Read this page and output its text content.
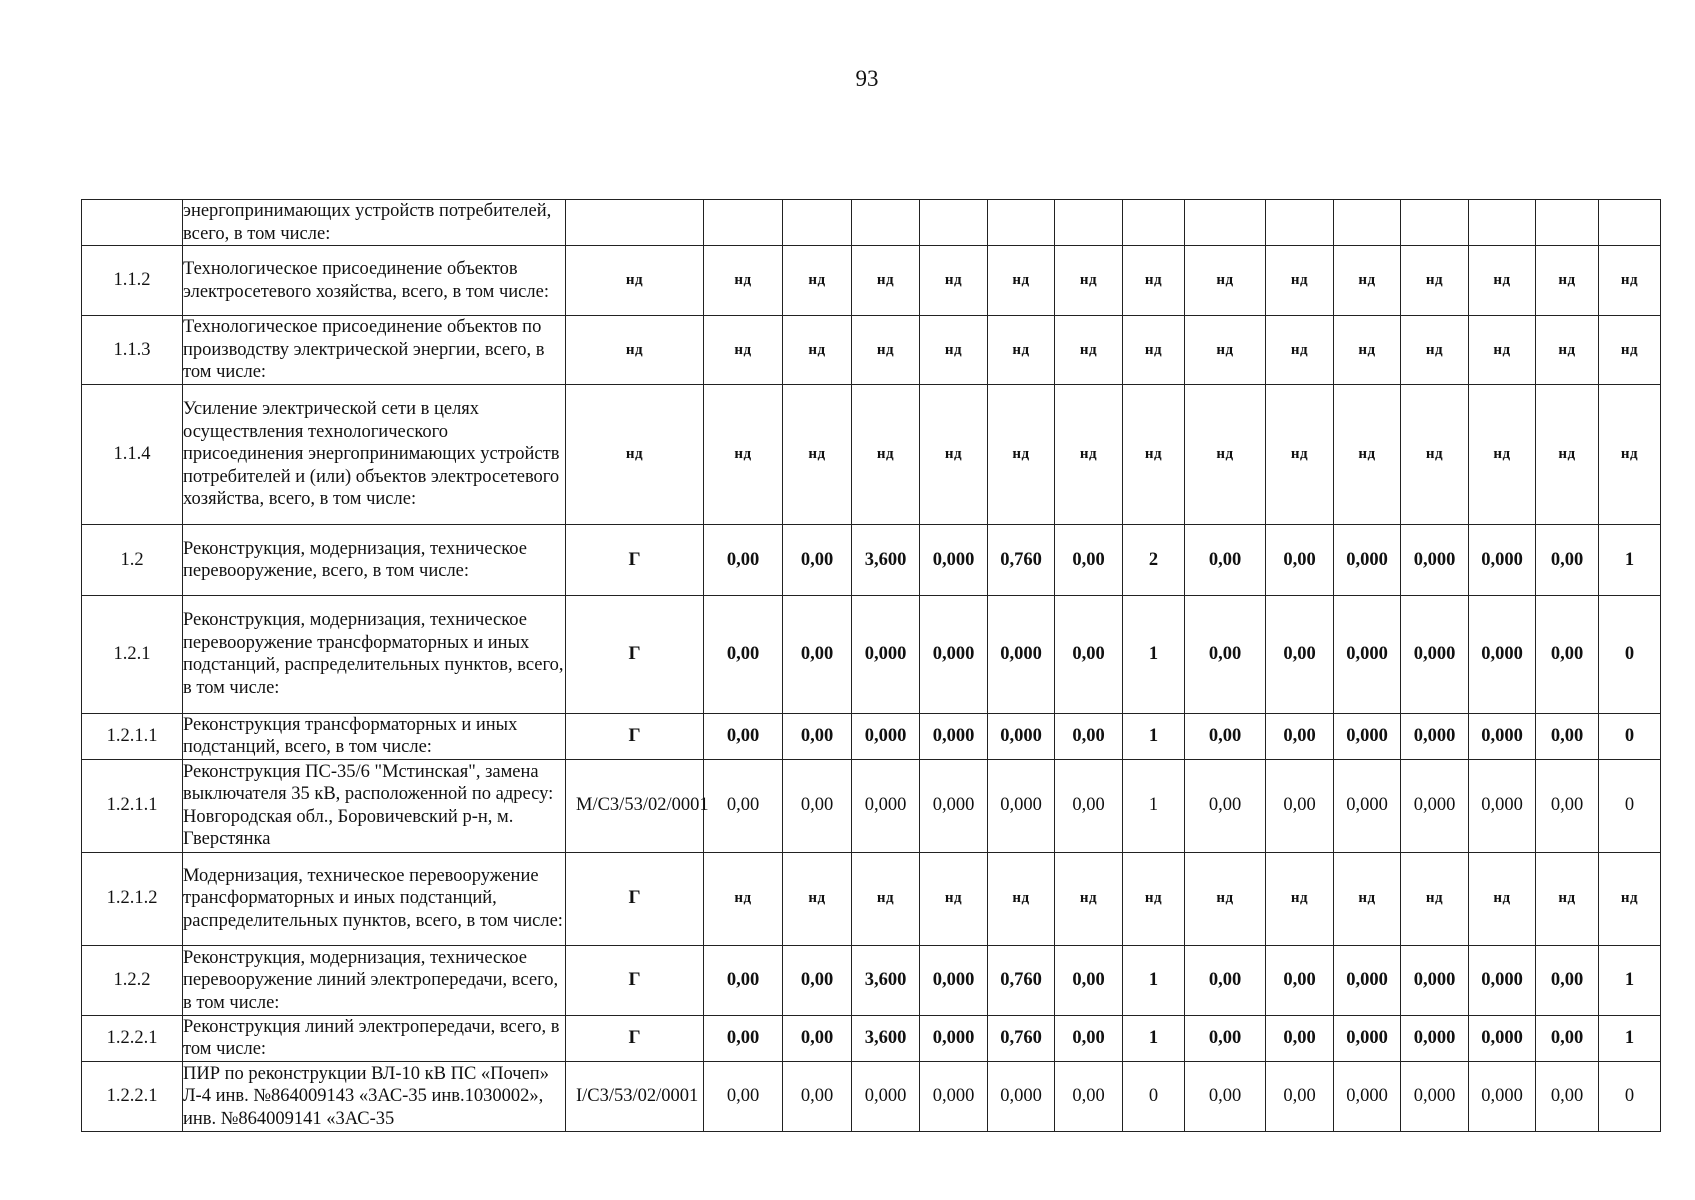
93
	энергопринимающих устройств потребителей, всего, в том числе:																
1.1.2	Технологическое присоединение объектов электросетевого хозяйства, всего, в том числе:	нд	нд	нд	нд	нд	нд	нд	нд	нд	нд	нд	нд	нд	нд	нд	
1.1.3	Технологическое присоединение объектов по производству электрической энергии, всего, в том числе:	нд	нд	нд	нд	нд	нд	нд	нд	нд	нд	нд	нд	нд	нд	нд	
1.1.4	Усиление электрической сети в целях осуществления технологического присоединения энергопринимающих устройств потребителей и (или) объектов электросетевого хозяйства, всего, в том числе:	нд	нд	нд	нд	нд	нд	нд	нд	нд	нд	нд	нд	нд	нд	нд	
1.2	Реконструкция, модернизация, техническое перевооружение, всего, в том числе:	Г	0,00	0,00	3,600	0,000	0,760	0,00	2	0,00	0,00	0,000	0,000	0,000	0,00	1	
1.2.1	Реконструкция, модернизация, техническое перевооружение трансформаторных и иных подстанций, распределительных пунктов, всего, в том числе:	Г	0,00	0,00	0,000	0,000	0,000	0,00	1	0,00	0,00	0,000	0,000	0,000	0,00	0	
1.2.1.1	Реконструкция трансформаторных и иных подстанций, всего, в том числе:	Г	0,00	0,00	0,000	0,000	0,000	0,00	1	0,00	0,00	0,000	0,000	0,000	0,00	0	
1.2.1.1	Реконструкция ПС-35/6 "Мстинская", замена выключателя 35 кВ, расположенной по адресу: Новгородская обл., Боровичевский р-н, м. Гверстянка	M/C3/53/02/0001	0,00	0,00	0,000	0,000	0,000	0,00	1	0,00	0,00	0,000	0,000	0,000	0,00	0	
1.2.1.2	Модернизация, техническое перевооружение трансформаторных и иных подстанций, распределительных пунктов, всего, в том числе:	Г	нд	нд	нд	нд	нд	нд	нд	нд	нд	нд	нд	нд	нд	нд	
1.2.2	Реконструкция, модернизация, техническое перевооружение линий электропередачи, всего, в том числе:	Г	0,00	0,00	3,600	0,000	0,760	0,00	1	0,00	0,00	0,000	0,000	0,000	0,00	1	
1.2.2.1	Реконструкция линий электропередачи, всего, в том числе:	Г	0,00	0,00	3,600	0,000	0,760	0,00	1	0,00	0,00	0,000	0,000	0,000	0,00	1	
1.2.2.1	ПИР по реконструкции ВЛ-10 кВ ПС «Почеп» Л-4 инв. №864009143 «3АС-35 инв.1030002», инв. №864009141 «3АС-35	I/C3/53/02/0001	0,00	0,00	0,000	0,000	0,000	0,00	0	0,00	0,00	0,000	0,000	0,000	0,00	0	
